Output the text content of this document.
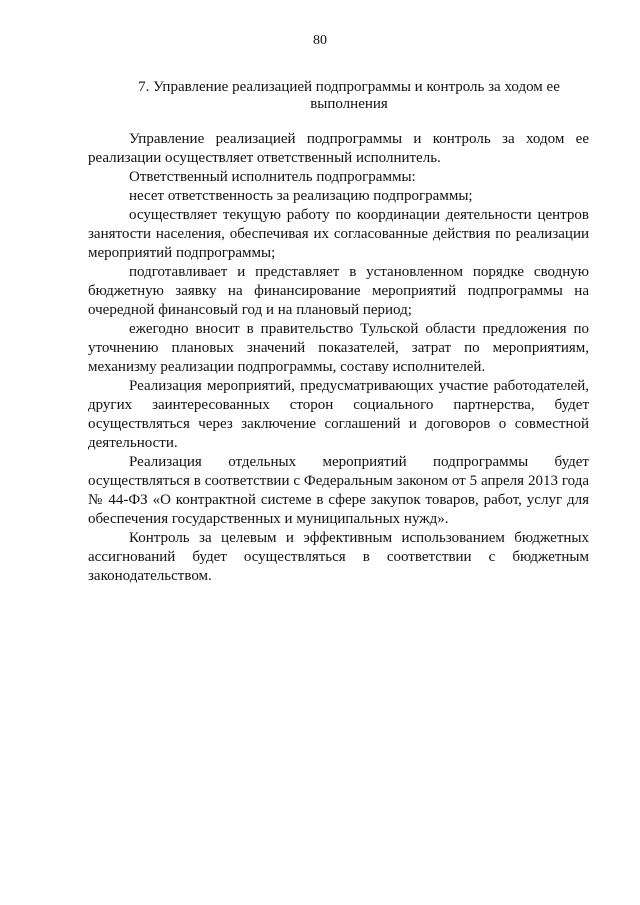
80
7. Управление реализацией подпрограммы и контроль за ходом ее выполнения

Управление реализацией подпрограммы и контроль за ходом ее реализации осуществляет ответственный исполнитель.

Ответственный исполнитель подпрограммы:

несет ответственность за реализацию подпрограммы;

осуществляет текущую работу по координации деятельности центров занятости населения, обеспечивая их согласованные действия по реализации мероприятий подпрограммы;

подготавливает и представляет в установленном порядке сводную бюджетную заявку на финансирование мероприятий подпрограммы на очередной финансовый год и на плановый период;

ежегодно вносит в правительство Тульской области предложения по уточнению плановых значений показателей, затрат по мероприятиям, механизму реализации подпрограммы, составу исполнителей.

Реализация мероприятий, предусматривающих участие работодателей, других заинтересованных сторон социального партнерства, будет осуществляться через заключение соглашений и договоров о совместной деятельности.

Реализация отдельных мероприятий подпрограммы будет осуществляться в соответствии с Федеральным законом от 5 апреля 2013 года № 44-ФЗ «О контрактной системе в сфере закупок товаров, работ, услуг для обеспечения государственных и муниципальных нужд».

Контроль за целевым и эффективным использованием бюджетных ассигнований будет осуществляться в соответствии с бюджетным законодательством.
